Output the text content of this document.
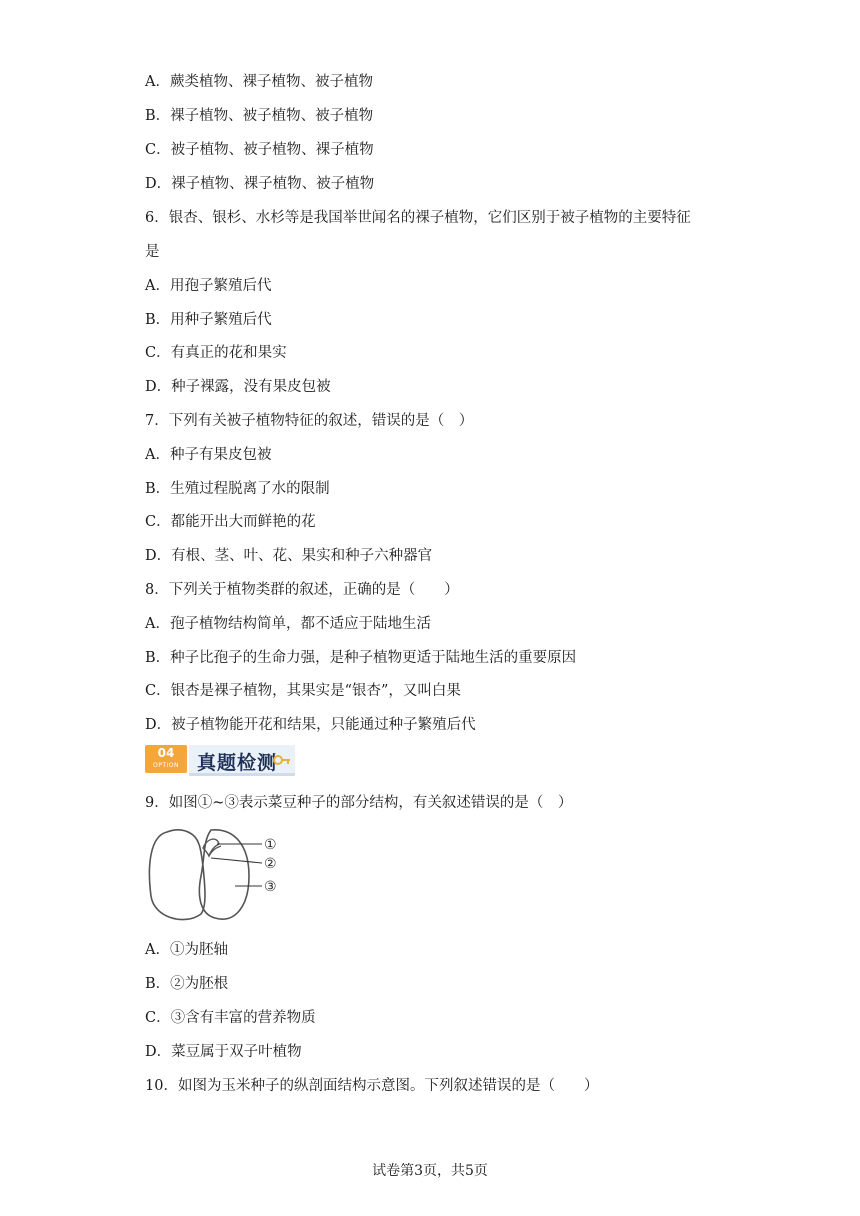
A．蕨类植物、裸子植物、被子植物
B．裸子植物、被子植物、被子植物
C．被子植物、被子植物、裸子植物
D．裸子植物、裸子植物、被子植物
6．银杏、银杉、水杉等是我国举世闻名的裸子植物，它们区别于被子植物的主要特征
是
A．用孢子繁殖后代
B．用种子繁殖后代
C．有真正的花和果实
D．种子裸露，没有果皮包被
7．下列有关被子植物特征的叙述，错误的是（　）
A．种子有果皮包被
B．生殖过程脱离了水的限制
C．都能开出大而鲜艳的花
D．有根、茎、叶、花、果实和种子六种器官
8．下列关于植物类群的叙述，正确的是（　　）
A．孢子植物结构简单，都不适应于陆地生活
B．种子比孢子的生命力强，是种子植物更适于陆地生活的重要原因
C．银杏是裸子植物，其果实是“银杏”，又叫白果
D．被子植物能开花和结果，只能通过种子繁殖后代
04
OPTION 真题检测
①
②
③
9．如图①~③表示菜豆种子的部分结构，有关叙述错误的是（　）
A．①为胚轴
B．②为胚根
C．③含有丰富的营养物质
D．菜豆属于双子叶植物
10．如图为玉米种子的纵剖面结构示意图。下列叙述错误的是（　　）
试卷第3页，共5页
